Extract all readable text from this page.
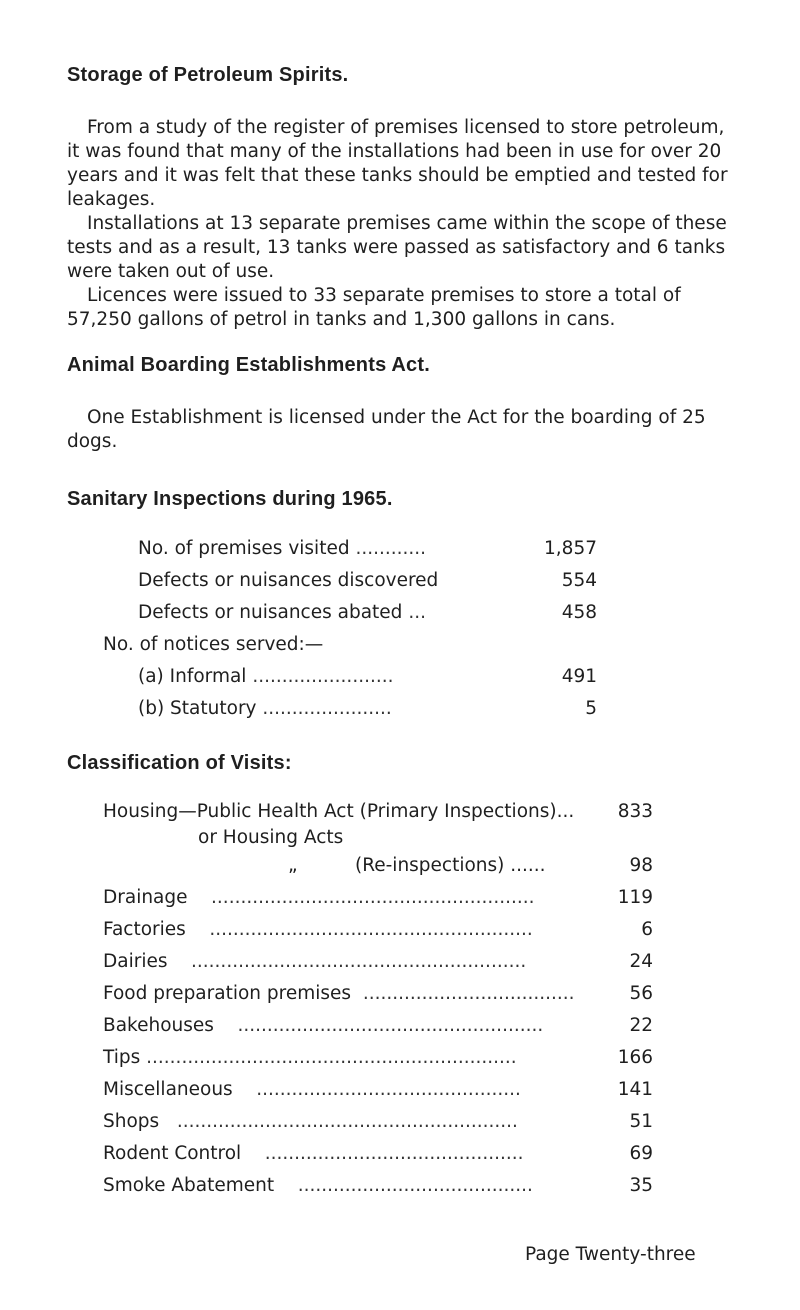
Storage of Petroleum Spirits.

From a study of the register of premises licensed to store petroleum, it was found that many of the installations had been in use for over 20 years and it was felt that these tanks should be emptied and tested for leakages.

Installations at 13 separate premises came within the scope of these tests and as a result, 13 tanks were passed as satisfactory and 6 tanks were taken out of use.

Licences were issued to 33 separate premises to store a total of 57,250 gallons of petrol in tanks and 1,300 gallons in cans.

Animal Boarding Establishments Act.

One Establishment is licensed under the Act for the boarding of 25 dogs.

Sanitary Inspections during 1965.
No. of premises visited ............	1,857
Defects or nuisances discovered	554
Defects or nuisances abated ...	458
No. of notices served:—
(a) Informal ........................	491
(b) Statutory ......................	5
Classification of Visits:
Housing—Public Health Act (Primary Inspections)... 833
or Housing Acts
„	(Re-inspections) ......	98
Drainage .......................................................	119
Factories .......................................................	6
Dairies .........................................................	24
Food preparation premises ....................................	56
Bakehouses ....................................................	22
Tips ...............................................................	166
Miscellaneous .............................................	141
Shops ..........................................................	51
Rodent Control ............................................	69
Smoke Abatement ........................................	35
Page Twenty-three
